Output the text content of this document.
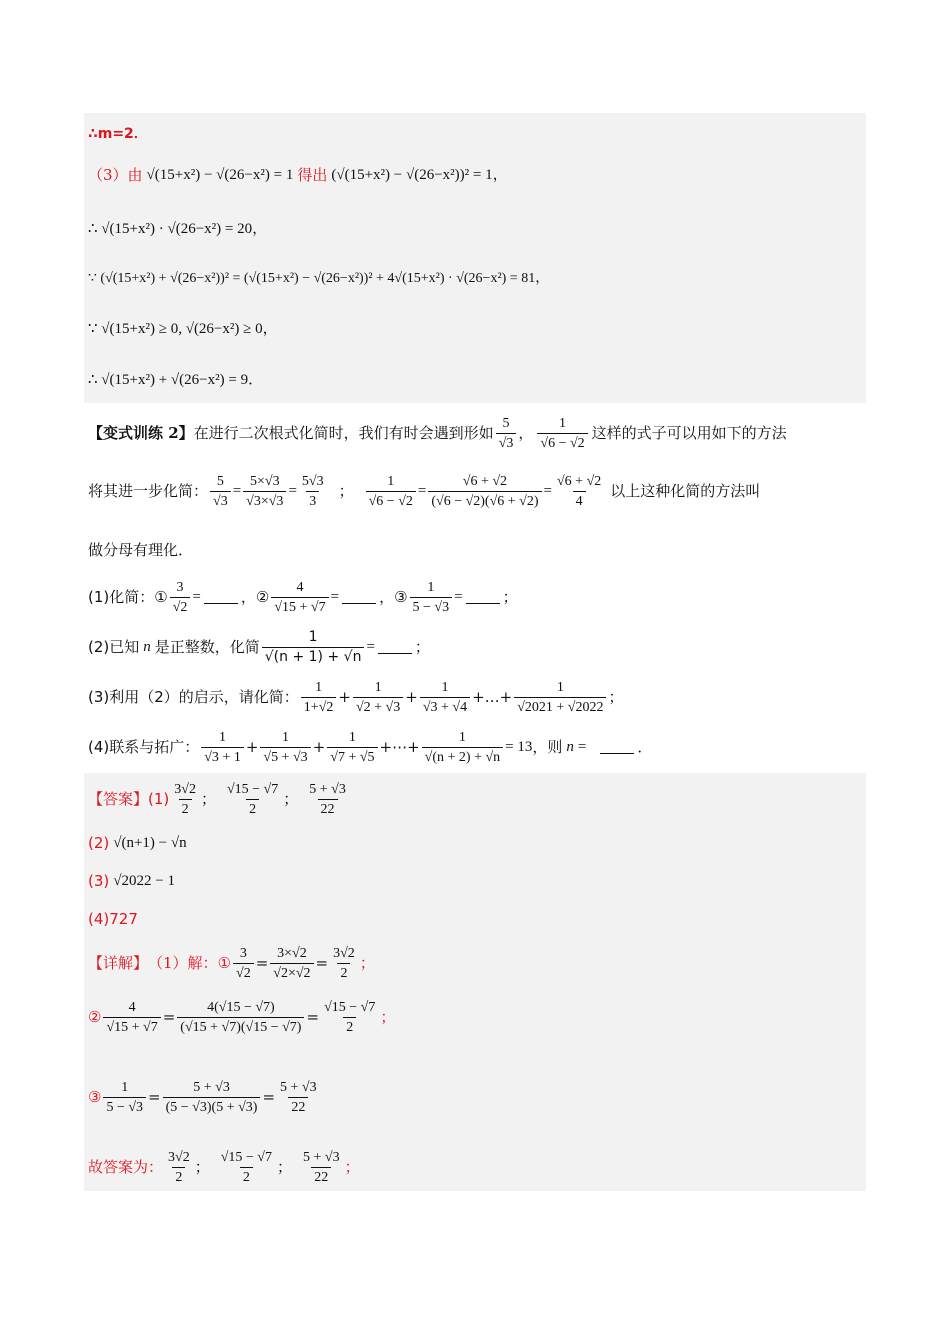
∴m=2．
（3）由 √(15+x²) − √(26−x²) = 1 得出 (√(15+x²) − √(26−x²))² = 1，
∴ √(15+x²) · √(26−x²) = 20，
∵ (√(15+x²) + √(26−x²))² = (√(15+x²) − √(26−x²))² + 4√(15+x²) · √(26−x²) = 81，
∵ √(15+x²) ≥ 0, √(26−x²) ≥ 0，
∴ √(15+x²) + √(26−x²) = 9．
【变式训练 2】 在进行二次根式化简时，我们有时会遇到形如 $\frac{5}{√3}$ ， $\frac{1}{√6 - √2}$ 这样的式子可以用如下的方法
将其进一步化简： $\frac{5}{√3} = \frac{5\times√3}{√3\times√3} = \frac{5√3}{3}$ ； $\frac{1}{√6 - √2} = \frac{√6 + √2}{(√6 - √2)(√6 + √2)} = \frac{√6 + √2}{4}$ 以上这种化简的方法叫
做分母有理化．
(1)化简： ① $\frac{3}{√2}$ =	， ② $\frac{4}{√15 + √7}$ =	， ③ $\frac{1}{5 - √3}$ =	；
(2)已知 n 是正整数，化简 $\frac{1}{√(n + 1) + √n}$ =	；
(3)利用（2）的启示，请化简： $\frac{1}{1+√2} + \frac{1}{√2 + √3} + \frac{1}{√3 + √4}$ +…+ $\frac{1}{√2021 + √2022}$ ；
(4)联系与拓广： $\frac{1}{√3 + 1} + \frac{1}{√5 + √3} + \frac{1}{√7 + √5}$ +⋯+ $\frac{1}{√(n + 2) + √n} = 13$ ，则 n =	．
【答案】 $(1) \frac{3√2}{2}$ ； $\frac{√15 - √7}{2}$ ； $\frac{5 + √3}{22}$
(2) √(n+1) − √n
(3) √2022 − 1
(4)727
【详解】 （1）解： ① $\frac{3}{√2} = \frac{3\times√2}{√2\times√2} = \frac{3√2}{2}$ ；
② $\frac{4}{√15 + √7} = \frac{4(√15 - √7)}{(√15 + √7)(√15 - √7)} = \frac{√15 - √7}{2}$ ；
③ $\frac{1}{5 - √3} = \frac{5 + √3}{(5 - √3)(5 + √3)} = \frac{5 + √3}{22}$
故答案为： $\frac{3√2}{2}$ ； $\frac{√15 - √7}{2}$ ； $\frac{5 + √3}{22}$ ；
